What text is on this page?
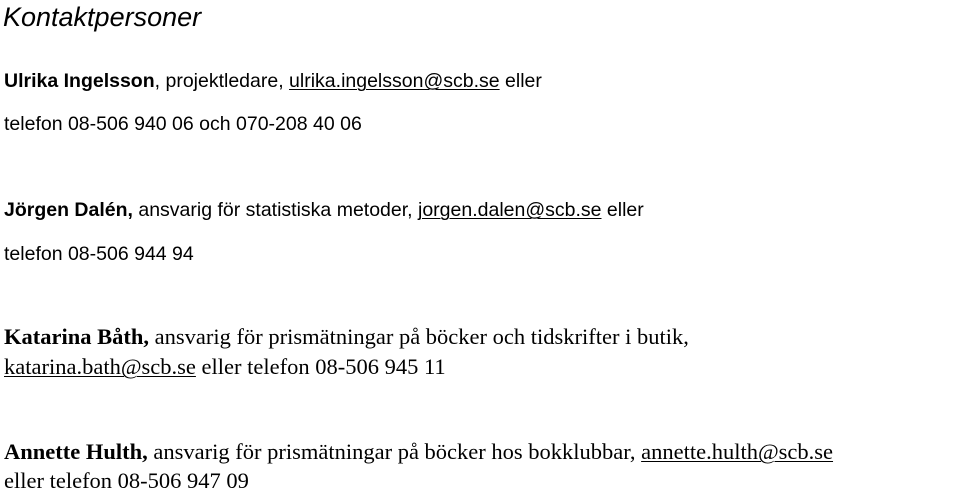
Kontaktpersoner
Ulrika Ingelsson, projektledare, ulrika.ingelsson@scb.se eller
telefon 08-506 940 06 och 070-208 40 06
Jörgen Dalén, ansvarig för statistiska metoder, jorgen.dalen@scb.se eller
telefon 08-506 944 94
Katarina Båth, ansvarig för prismätningar på böcker och tidskrifter i butik,
katarina.bath@scb.se eller telefon 08-506 945 11
Annette Hulth, ansvarig för prismätningar på böcker hos bokklubbar, annette.hulth@scb.se
eller telefon 08-506 947 09
